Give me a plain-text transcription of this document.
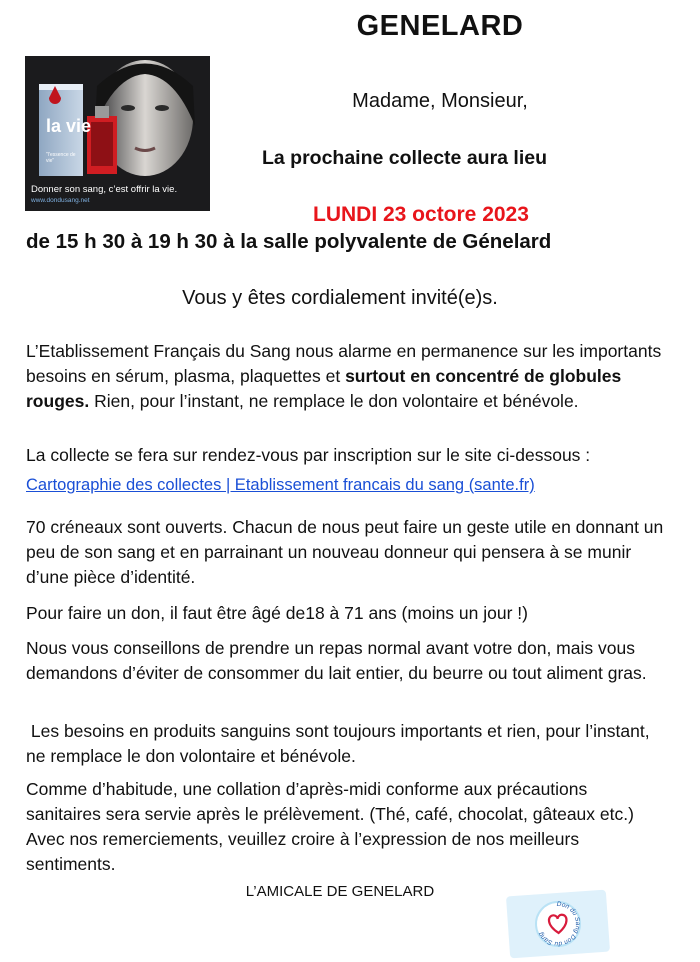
GENELARD
la vie
"l’essence de vie"
Donner son sang, c’est offrir la vie.
www.dondusang.net
Madame, Monsieur,
La prochaine collecte aura lieu
LUNDI 23 octore 2023
de 15 h 30 à 19 h 30 à la salle polyvalente de Génelard
Vous y êtes cordialement invité(e)s.
L’Etablissement Français du Sang nous alarme en permanence sur les importants besoins en sérum, plasma, plaquettes et surtout en concentré de globules rouges. Rien, pour l’instant, ne remplace le don volontaire et bénévole.
La collecte se fera sur rendez-vous par inscription sur le site ci-dessous :
Cartographie des collectes | Etablissement francais du sang (sante.fr)
70 créneaux sont ouverts. Chacun de nous peut faire un geste utile en donnant un peu de son sang et en parrainant un nouveau donneur qui pensera à se munir d’une pièce d’identité.
Pour faire un don, il faut être âgé de18 à 71 ans (moins un jour !)
Nous vous conseillons de prendre un repas normal avant votre don, mais vous demandons d’éviter de consommer du lait entier, du beurre ou tout aliment gras.
Les besoins en produits sanguins sont toujours importants et rien, pour l’instant, ne remplace le don volontaire et bénévole.
Comme d’habitude, une collation d’après-midi conforme aux précautions sanitaires sera servie après le prélèvement. (Thé, café, chocolat, gâteaux etc.) Avec nos remerciements, veuillez croire à l’expression de nos meilleurs sentiments.
L’AMICALE DE GENELARD
Don du Sang Don du Sang
